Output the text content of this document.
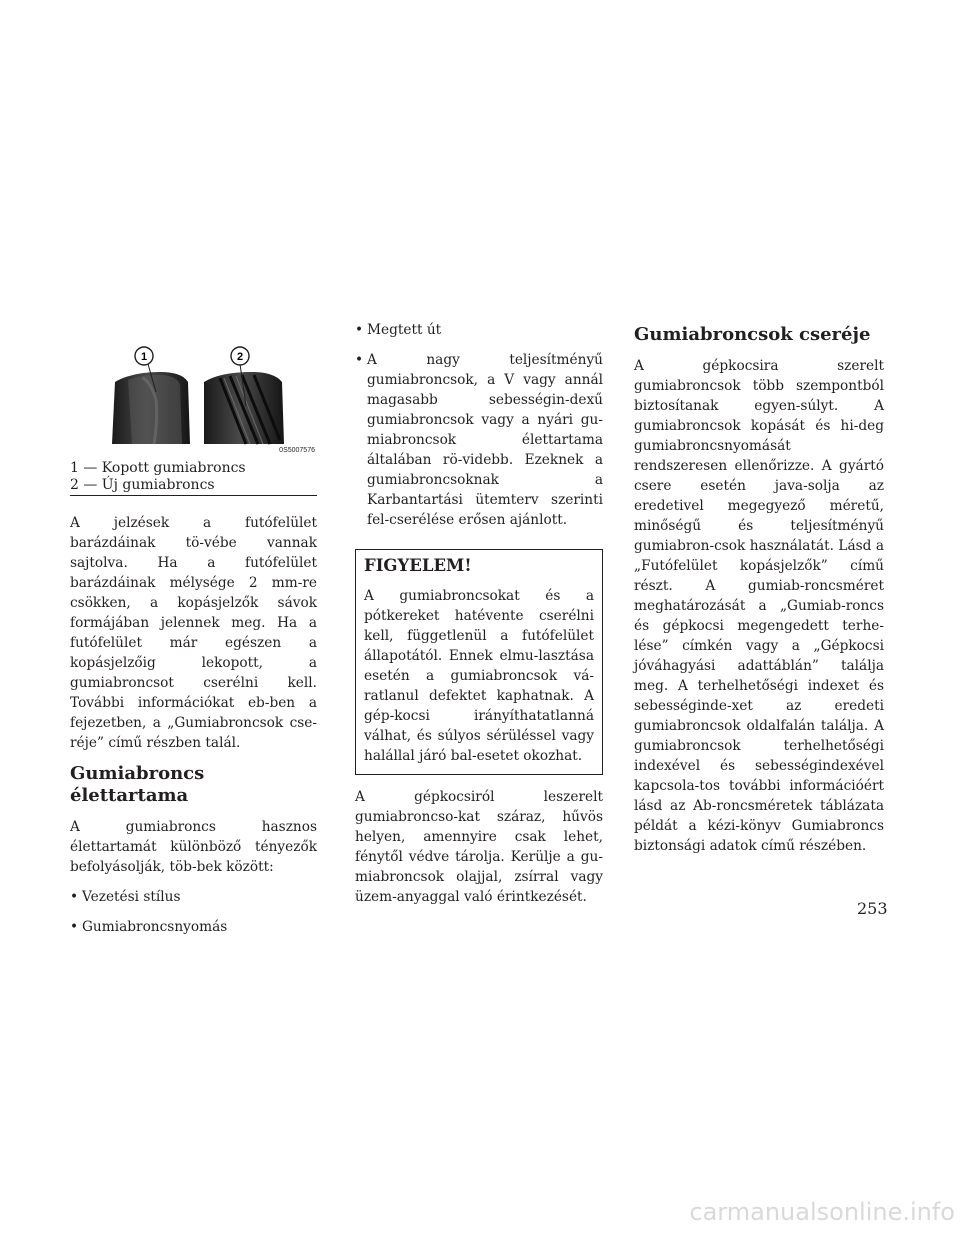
1	2
0S5007576
1 — Kopott gumiabroncs
2 — Új gumiabroncs

A jelzések a futófelület barázdáinak tö-vébe vannak sajtolva. Ha a futófelület barázdáinak mélysége 2 mm-re csökken, a kopásjelzők sávok formájában jelennek meg. Ha a futófelület már egészen a kopásjelzőig lekopott, a gumiabroncsot cserélni kell. További információkat eb-ben a fejezetben, a „Gumiabroncsok cse-réje” című részben talál.

Gumiabroncs élettartama

A gumiabroncs hasznos élettartamát különböző tényezők befolyásolják, töb-bek között:

• Vezetési stílus
• Gumiabroncsnyomás
• Megtett út
• A nagy teljesítményű gumiabroncsok, a V vagy annál magasabb sebességin-dexű gumiabroncsok vagy a nyári gu-miabroncsok élettartama általában rö-videbb. Ezeknek a gumiabroncsoknak a Karbantartási ütemterv szerinti fel-cserélése erősen ajánlott.
FIGYELEM!

A gumiabroncsokat és a pótkereket hatévente cserélni kell, függetlenül a futófelület állapotától. Ennek elmu-lasztása esetén a gumiabroncsok vá-ratlanul defektet kaphatnak. A gép-kocsi irányíthatatlanná válhat, és súlyos sérüléssel vagy halállal járó bal-esetet okozhat.

A gépkocsiról leszerelt gumiabroncso-kat száraz, hűvös helyen, amennyire csak lehet, fénytől védve tárolja. Kerülje a gu-miabroncsok olajjal, zsírral vagy üzem-anyaggal való érintkezését.

Gumiabroncsok cseréje

A gépkocsira szerelt gumiabroncsok több szempontból biztosítanak egyen-súlyt. A gumiabroncsok kopását és hi-deg gumiabroncsnyomását rendszeresen ellenőrizze. A gyártó csere esetén java-solja az eredetivel megegyező méretű, minőségű és teljesítményű gumiabron-csok használatát. Lásd a „Futófelület kopásjelzők” című részt. A gumiab-roncsméret meghatározását a „Gumiab-roncs és gépkocsi megengedett terhe-lése” címkén vagy a „Gépkocsi jóváhagyási adattáblán” találja meg. A terhelhetőségi indexet és sebességinde-xet az eredeti gumiabroncsok oldalfalán találja. A gumiabroncsok terhelhetőségi indexével és sebességindexével kapcsola-tos további információért lásd az Ab-roncsméretek táblázata példát a kézi-könyv Gumiabroncs biztonsági adatok című részében.

253
carmanualsonline.info
